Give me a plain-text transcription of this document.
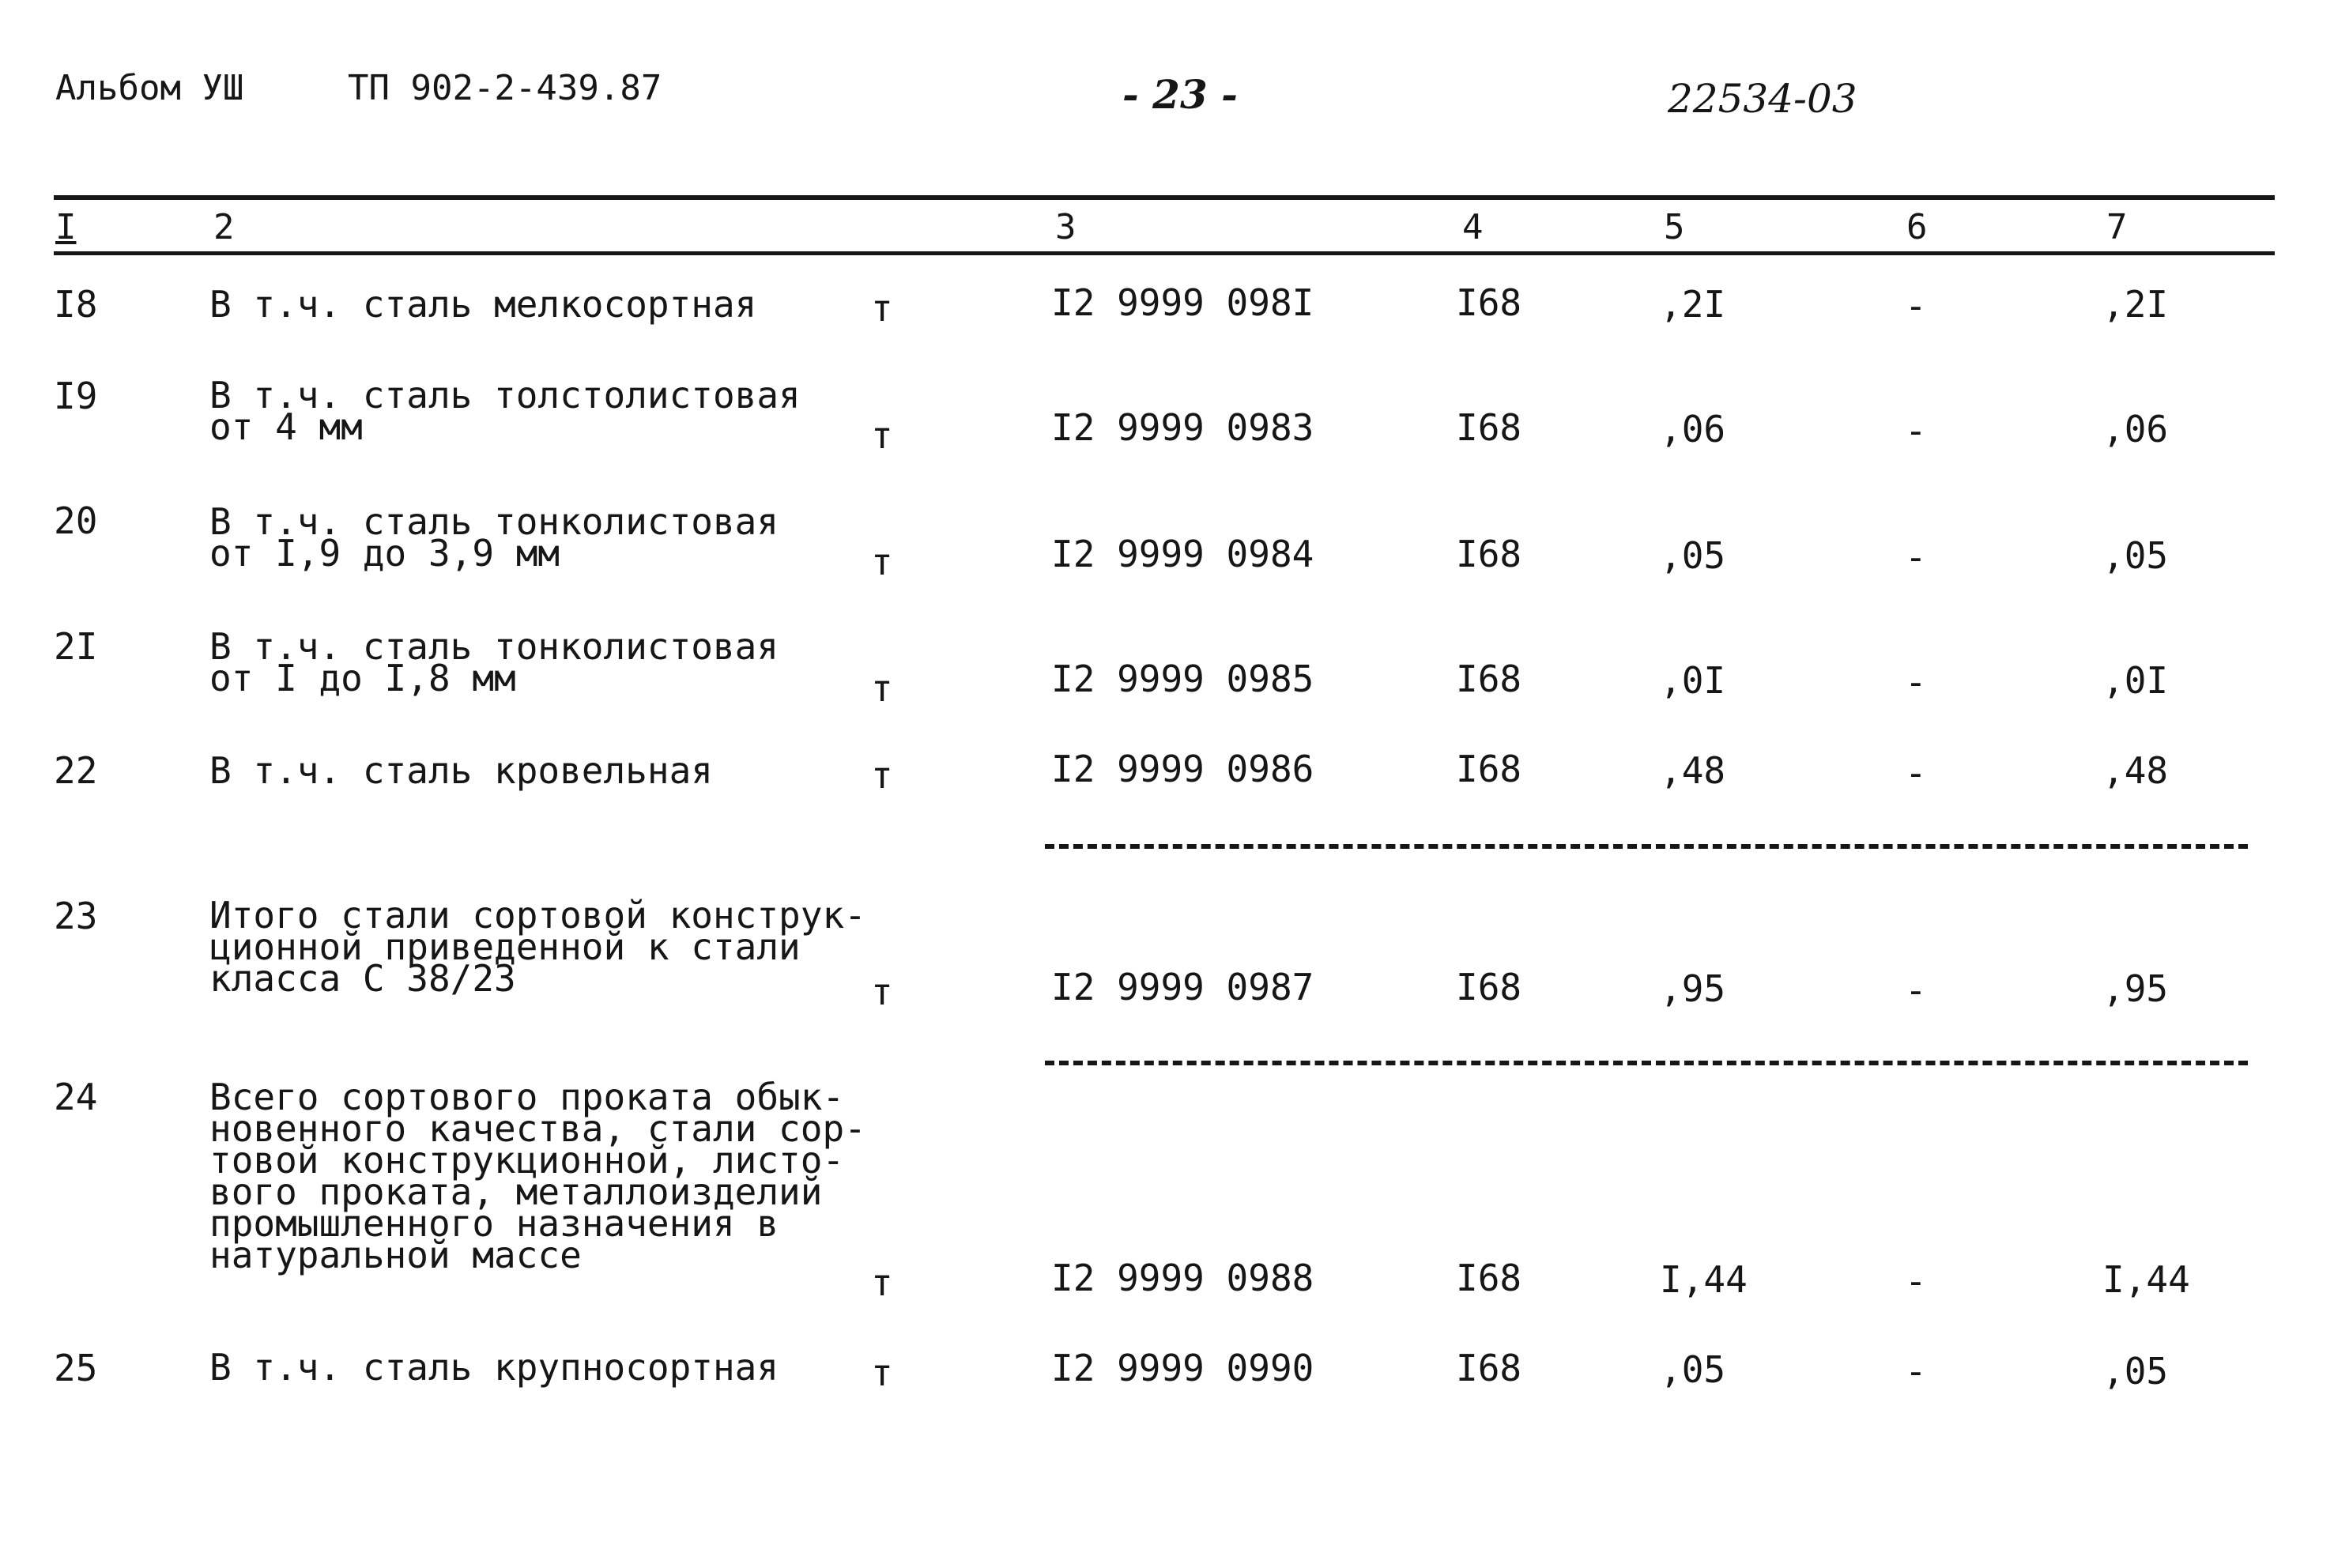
Альбом УШ	ТП 902-2-439.87	- 23 -	22534-03
I	2	3	4	5	6	7
I8	В т.ч. сталь мелкосортная	т	I2 9999 098I	I68	,2I	-	,2I
I9	В т.ч. сталь толстолистовая
от 4 мм	т	I2 9999 0983	I68	,06	-	,06
20	В т.ч. сталь тонколистовая
от I,9 до 3,9 мм	т	I2 9999 0984	I68	,05	-	,05
2I	В т.ч. сталь тонколистовая
от I до I,8 мм	т	I2 9999 0985	I68	,0I	-	,0I
22	В т.ч. сталь кровельная	т	I2 9999 0986	I68	,48	-	,48
23	Итого стали сортовой конструк-
ционной приведенной к стали
класса С 38/23	т	I2 9999 0987	I68	,95	-	,95
24	Всего сортового проката обык-
новенного качества, стали сор-
товой конструкционной, листо-
вого проката, металлоизделий
промышленного назначения в
натуральной массе
т	I2 9999 0988	I68	I,44	-	I,44
25	В т.ч. сталь крупносортная	т	I2 9999 0990	I68	,05	-	,05
